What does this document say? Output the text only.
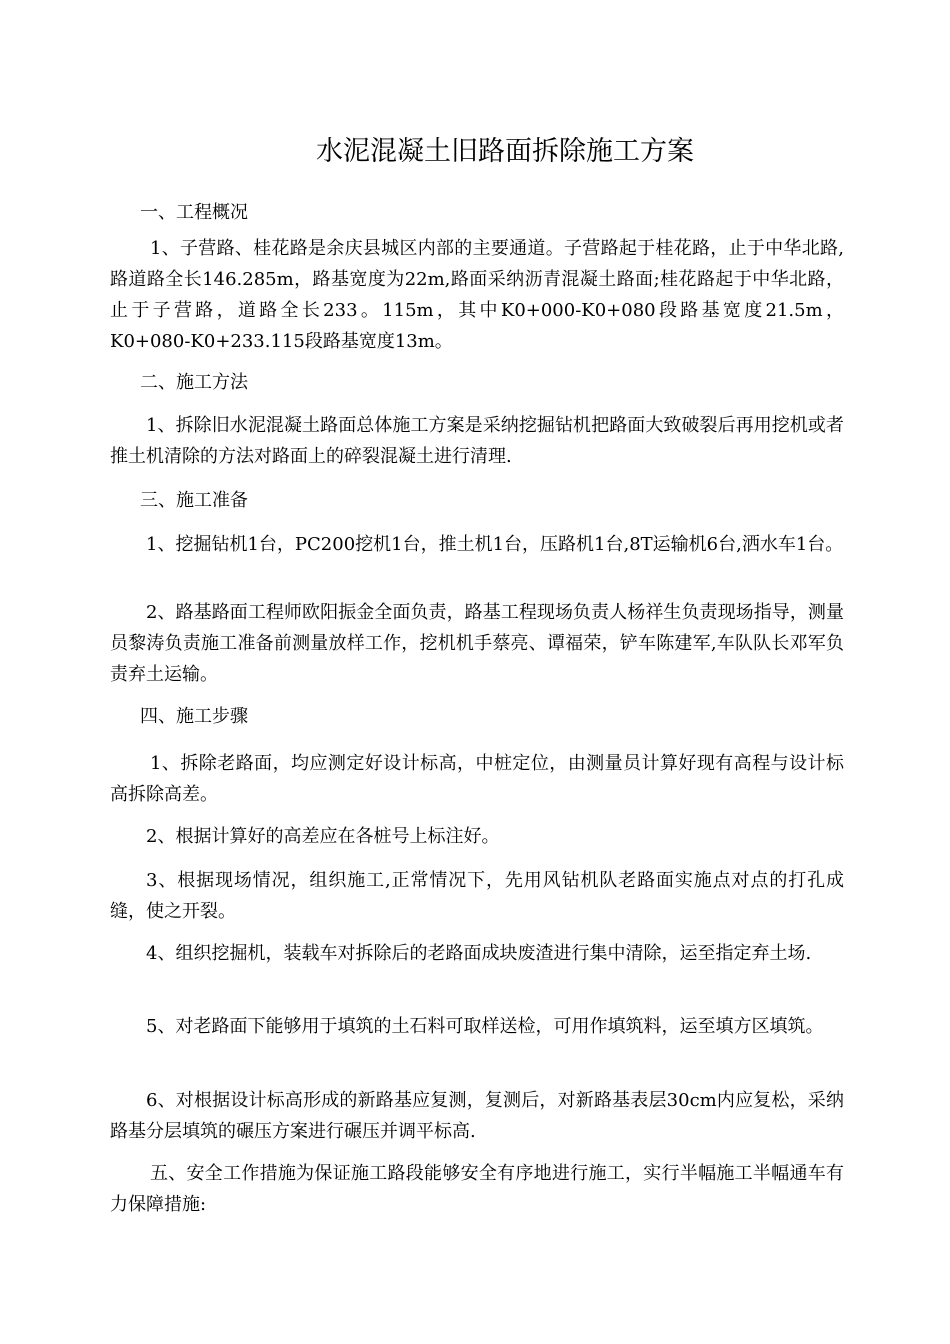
水泥混凝土旧路面拆除施工方案
一、工程概况
1、子营路、桂花路是余庆县城区内部的主要通道。子营路起于桂花路，止于中华北路,路道路全长146.285m，路基宽度为22m,路面采纳沥青混凝土路面;桂花路起于中华北路，止于子营路，道路全长233。115m，其中K0+000-K0+080段路基宽度21.5m，K0+080-K0+233.115段路基宽度13m。
二、施工方法
1、拆除旧水泥混凝土路面总体施工方案是采纳挖掘钻机把路面大致破裂后再用挖机或者推土机清除的方法对路面上的碎裂混凝土进行清理.
三、施工准备
1、挖掘钻机1台，PC200挖机1台，推土机1台，压路机1台,8T运输机6台,洒水车1台。
2、路基路面工程师欧阳振金全面负责，路基工程现场负责人杨祥生负责现场指导，测量员黎涛负责施工准备前测量放样工作，挖机机手蔡亮、谭福荣，铲车陈建军,车队队长邓军负责弃土运输。
四、施工步骤
1、拆除老路面，均应测定好设计标高，中桩定位，由测量员计算好现有高程与设计标高拆除高差。
2、根据计算好的高差应在各桩号上标注好。
3、根据现场情况，组织施工,正常情况下，先用风钻机队老路面实施点对点的打孔成缝，使之开裂。
4、组织挖掘机，装载车对拆除后的老路面成块废渣进行集中清除，运至指定弃土场.
5、对老路面下能够用于填筑的土石料可取样送检，可用作填筑料，运至填方区填筑。
6、对根据设计标高形成的新路基应复测，复测后，对新路基表层30cm内应复松，采纳路基分层填筑的碾压方案进行碾压并调平标高.
五、安全工作措施为保证施工路段能够安全有序地进行施工，实行半幅施工半幅通车有力保障措施:
